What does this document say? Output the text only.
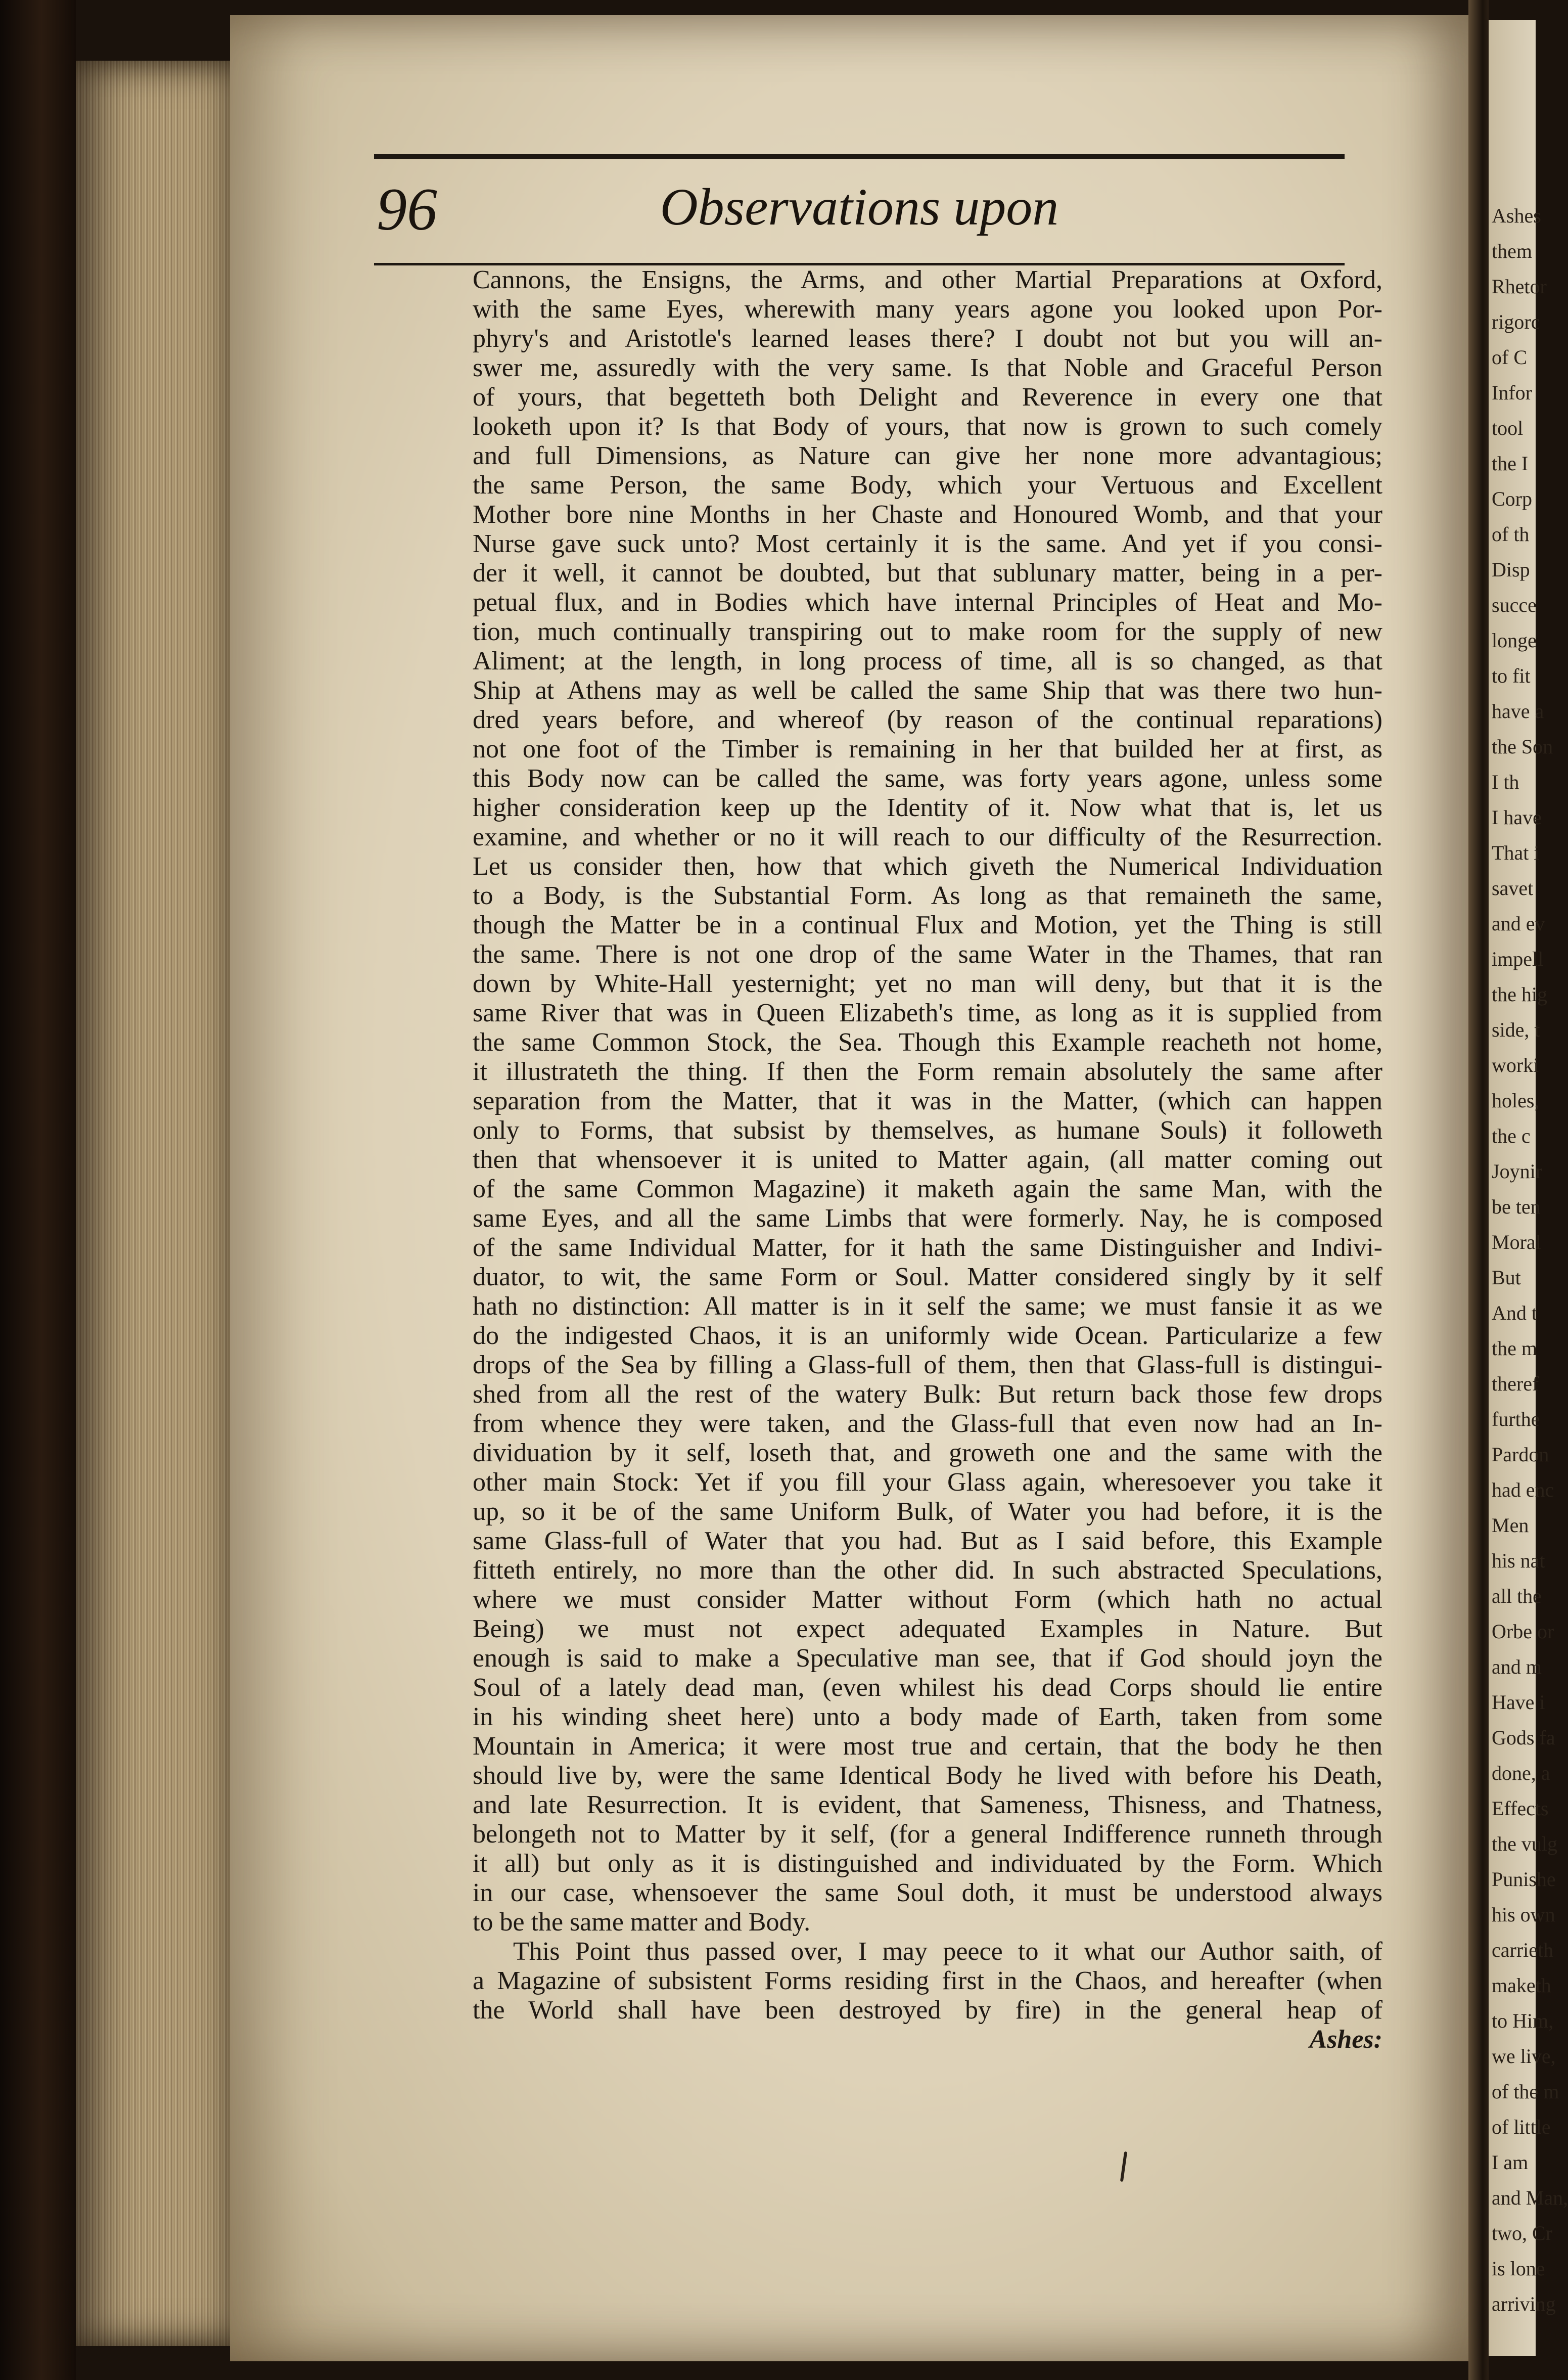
Ashes
them
Rhetor
rigorc
of C
Infor
tool
the I
Corp
of th
Disp
succe
longe
to fit
have a
the Son
I th
I have
That i
savet
and ev
impell
the hig
side, t
worki
holes,
the c
Joynir
be ten
Moral
But
And t
the m
theref
furthe
Pardon
had enc
Men
his nat
all the
Orbe or
and m
Have i
Gods fa
done, a
Effects
the vulg
Punishe
his own
carrieth
maketh
to Him,
we live,
of the m
of little
I am
and Man,
two, Cr
is lone
arriving
96	Observations upon
Cannons, the Ensigns, the Arms, and other Martial Preparations at Oxford,
with the same Eyes, wherewith many years agone you looked upon Por-
phyry's and Aristotle's learned leases there? I doubt not but you will an-
swer me, assuredly with the very same. Is that Noble and Graceful Person
of yours, that begetteth both Delight and Reverence in every one that
looketh upon it? Is that Body of yours, that now is grown to such comely
and full Dimensions, as Nature can give her none more advantagious;
the same Person, the same Body, which your Vertuous and Excellent
Mother bore nine Months in her Chaste and Honoured Womb, and that your
Nurse gave suck unto? Most certainly it is the same. And yet if you consi-
der it well, it cannot be doubted, but that sublunary matter, being in a per-
petual flux, and in Bodies which have internal Principles of Heat and Mo-
tion, much continually transpiring out to make room for the supply of new
Aliment; at the length, in long process of time, all is so changed, as that
Ship at Athens may as well be called the same Ship that was there two hun-
dred years before, and whereof (by reason of the continual reparations)
not one foot of the Timber is remaining in her that builded her at first, as
this Body now can be called the same, was forty years agone, unless some
higher consideration keep up the Identity of it. Now what that is, let us
examine, and whether or no it will reach to our difficulty of the Resurrection.
Let us consider then, how that which giveth the Numerical Individuation
to a Body, is the Substantial Form. As long as that remaineth the same,
though the Matter be in a continual Flux and Motion, yet the Thing is still
the same. There is not one drop of the same Water in the Thames, that ran
down by White-Hall yesternight; yet no man will deny, but that it is the
same River that was in Queen Elizabeth's time, as long as it is supplied from
the same Common Stock, the Sea. Though this Example reacheth not home,
it illustrateth the thing. If then the Form remain absolutely the same after
separation from the Matter, that it was in the Matter, (which can happen
only to Forms, that subsist by themselves, as humane Souls) it followeth
then that whensoever it is united to Matter again, (all matter coming out
of the same Common Magazine) it maketh again the same Man, with the
same Eyes, and all the same Limbs that were formerly. Nay, he is composed
of the same Individual Matter, for it hath the same Distinguisher and Indivi-
duator, to wit, the same Form or Soul. Matter considered singly by it self
hath no distinction: All matter is in it self the same; we must fansie it as we
do the indigested Chaos, it is an uniformly wide Ocean. Particularize a few
drops of the Sea by filling a Glass-full of them, then that Glass-full is distingui-
shed from all the rest of the watery Bulk: But return back those few drops
from whence they were taken, and the Glass-full that even now had an In-
dividuation by it self, loseth that, and groweth one and the same with the
other main Stock: Yet if you fill your Glass again, wheresoever you take it
up, so it be of the same Uniform Bulk, of Water you had before, it is the
same Glass-full of Water that you had. But as I said before, this Example
fitteth entirely, no more than the other did. In such abstracted Speculations,
where we must consider Matter without Form (which hath no actual
Being) we must not expect adequated Examples in Nature. But
enough is said to make a Speculative man see, that if God should joyn the
Soul of a lately dead man, (even whilest his dead Corps should lie entire
in his winding sheet here) unto a body made of Earth, taken from some
Mountain in America; it were most true and certain, that the body he then
should live by, were the same Identical Body he lived with before his Death,
and late Resurrection. It is evident, that Sameness, Thisness, and Thatness,
belongeth not to Matter by it self, (for a general Indifference runneth through
it all) but only as it is distinguished and individuated by the Form. Which
in our case, whensoever the same Soul doth, it must be understood always
to be the same matter and Body.
This Point thus passed over, I may peece to it what our Author saith, of
a Magazine of subsistent Forms residing first in the Chaos, and hereafter (when
the World shall have been destroyed by fire) in the general heap of
Ashes:
